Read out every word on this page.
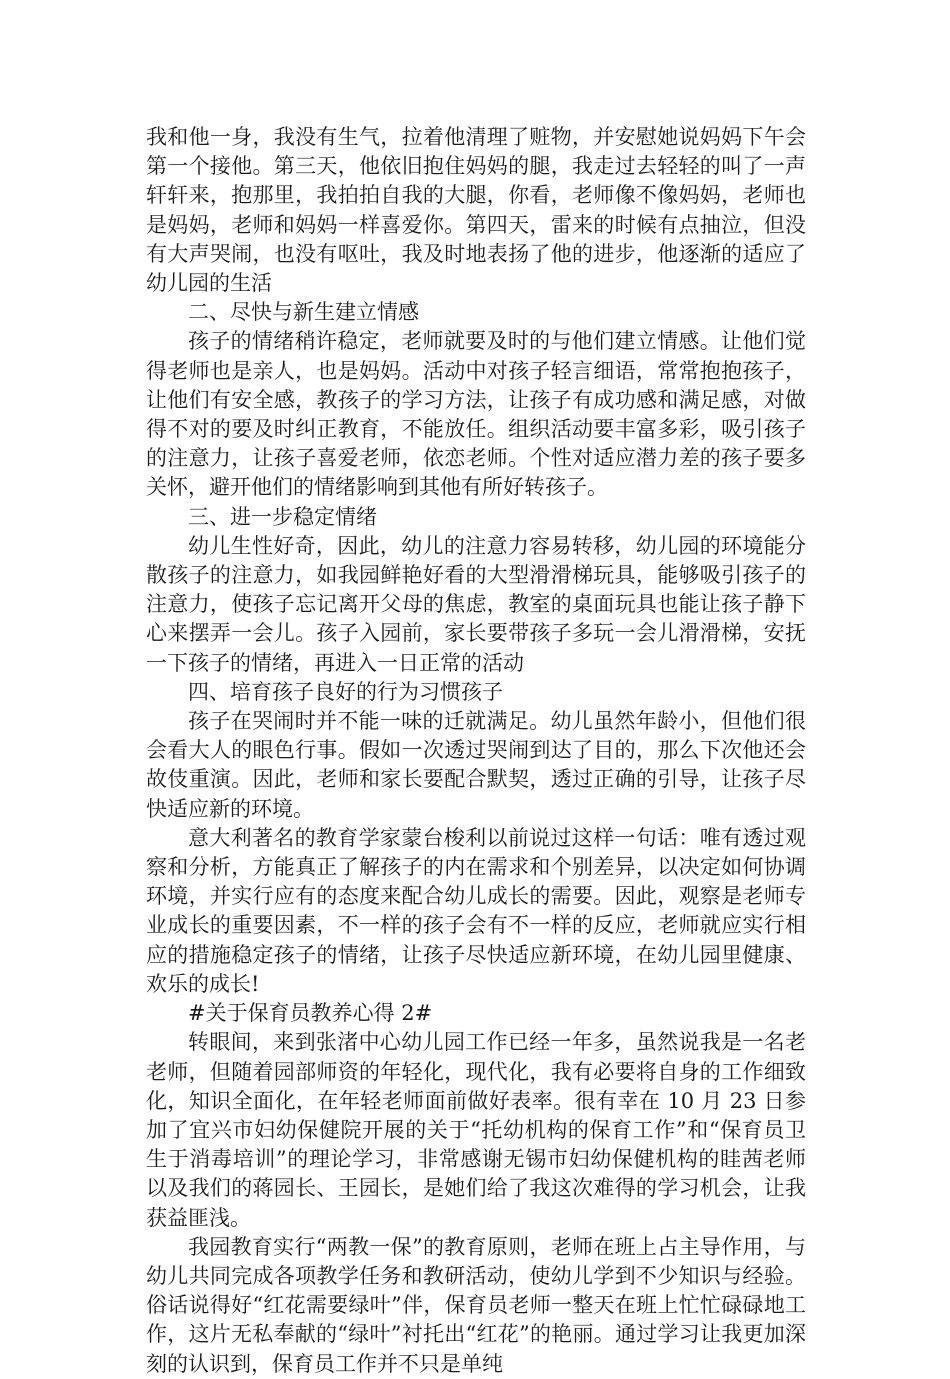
我和他一身，我没有生气，拉着他清理了赃物，并安慰她说妈妈下午会第一个接他。第三天，他依旧抱住妈妈的腿，我走过去轻轻的叫了一声轩轩来，抱那里，我拍拍自我的大腿，你看，老师像不像妈妈，老师也是妈妈，老师和妈妈一样喜爱你。第四天，雷来的时候有点抽泣，但没有大声哭闹，也没有呕吐，我及时地表扬了他的进步，他逐渐的适应了幼儿园的生活

二、尽快与新生建立情感

孩子的情绪稍许稳定，老师就要及时的与他们建立情感。让他们觉得老师也是亲人，也是妈妈。活动中对孩子轻言细语，常常抱抱孩子，让他们有安全感，教孩子的学习方法，让孩子有成功感和满足感，对做得不对的要及时纠正教育，不能放任。组织活动要丰富多彩，吸引孩子的注意力，让孩子喜爱老师，依恋老师。个性对适应潜力差的孩子要多关怀，避开他们的情绪影响到其他有所好转孩子。

三、进一步稳定情绪

幼儿生性好奇，因此，幼儿的注意力容易转移，幼儿园的环境能分散孩子的注意力，如我园鲜艳好看的大型滑滑梯玩具，能够吸引孩子的注意力，使孩子忘记离开父母的焦虑，教室的桌面玩具也能让孩子静下心来摆弄一会儿。孩子入园前，家长要带孩子多玩一会儿滑滑梯，安抚一下孩子的情绪，再进入一日正常的活动

四、培育孩子良好的行为习惯孩子

孩子在哭闹时并不能一味的迁就满足。幼儿虽然年龄小，但他们很会看大人的眼色行事。假如一次透过哭闹到达了目的，那么下次他还会故伎重演。因此，老师和家长要配合默契，透过正确的引导，让孩子尽快适应新的环境。

意大利著名的教育学家蒙台梭利以前说过这样一句话：唯有透过观察和分析，方能真正了解孩子的内在需求和个别差异，以决定如何协调环境，并实行应有的态度来配合幼儿成长的需要。因此，观察是老师专业成长的重要因素，不一样的孩子会有不一样的反应，老师就应实行相应的措施稳定孩子的情绪，让孩子尽快适应新环境，在幼儿园里健康、欢乐的成长!

#关于保育员教养心得 2#

转眼间，来到张渚中心幼儿园工作已经一年多，虽然说我是一名老老师，但随着园部师资的年轻化，现代化，我有必要将自身的工作细致化，知识全面化，在年轻老师面前做好表率。很有幸在 10 月 23 日参加了宜兴市妇幼保健院开展的关于“托幼机构的保育工作”和“保育员卫生于消毒培训”的理论学习，非常感谢无锡市妇幼保健机构的眭茜老师以及我们的蒋园长、王园长，是她们给了我这次难得的学习机会，让我获益匪浅。

我园教育实行“两教一保”的教育原则，老师在班上占主导作用，与幼儿共同完成各项教学任务和教研活动，使幼儿学到不少知识与经验。俗话说得好“红花需要绿叶”伴，保育员老师一整天在班上忙忙碌碌地工作，这片无私奉献的“绿叶”衬托出“红花”的艳丽。通过学习让我更加深刻的认识到，保育员工作并不只是单纯
